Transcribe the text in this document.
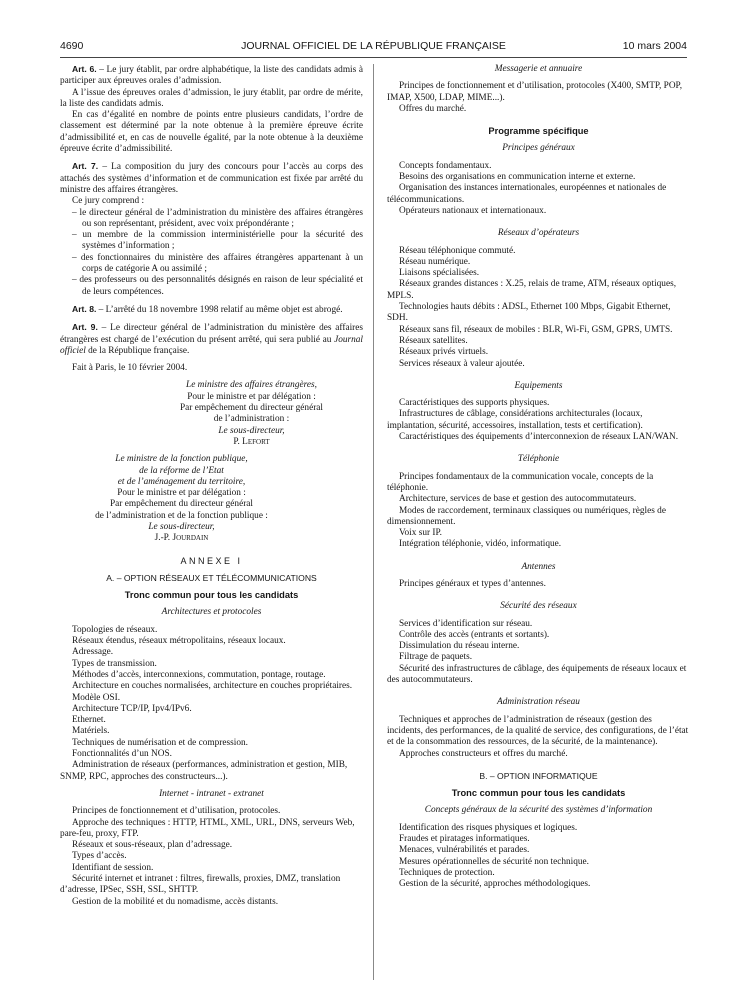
4690	JOURNAL OFFICIEL DE LA RÉPUBLIQUE FRANÇAISE	10 mars 2004

Art. 6. – Le jury établit, par ordre alphabétique, la liste des candidats admis à participer aux épreuves orales d’admission.

A l’issue des épreuves orales d’admission, le jury établit, par ordre de mérite, la liste des candidats admis.

En cas d’égalité en nombre de points entre plusieurs candidats, l’ordre de classement est déterminé par la note obtenue à la première épreuve écrite d’admissibilité et, en cas de nouvelle égalité, par la note obtenue à la deuxième épreuve écrite d’admissibilité.

Art. 7. – La composition du jury des concours pour l’accès au corps des attachés des systèmes d’information et de communication est fixée par arrêté du ministre des affaires étrangères.

Ce jury comprend :

– le directeur général de l’administration du ministère des affaires étrangères ou son représentant, président, avec voix prépondérante ;

– un membre de la commission interministérielle pour la sécurité des systèmes d’information ;

– des fonctionnaires du ministère des affaires étrangères appartenant à un corps de catégorie A ou assimilé ;

– des professeurs ou des personnalités désignés en raison de leur spécialité et de leurs compétences.

Art. 8. – L’arrêté du 18 novembre 1998 relatif au même objet est abrogé.

Art. 9. – Le directeur général de l’administration du ministère des affaires étrangères est chargé de l’exécution du présent arrêté, qui sera publié au Journal officiel de la République française.

Fait à Paris, le 10 février 2004.

Le ministre des affaires étrangères,

Pour le ministre et par délégation :

Par empêchement du directeur général

de l’administration :

Le sous-directeur,

P. Lefort

Le ministre de la fonction publique,

de la réforme de l’Etat

et de l’aménagement du territoire,

Pour le ministre et par délégation :

Par empêchement du directeur général

de l’administration et de la fonction publique :

Le sous-directeur,

J.-P. Jourdain

ANNEXE I

A. – OPTION RÉSEAUX ET TÉLÉCOMMUNICATIONS

Tronc commun pour tous les candidats

Architectures et protocoles

Topologies de réseaux.

Réseaux étendus, réseaux métropolitains, réseaux locaux.

Adressage.

Types de transmission.

Méthodes d’accès, interconnexions, commutation, pontage, routage.

Architecture en couches normalisées, architecture en couches propriétaires.

Modèle OSI.

Architecture TCP/IP, Ipv4/IPv6.

Ethernet.

Matériels.

Techniques de numérisation et de compression.

Fonctionnalités d’un NOS.

Administration de réseaux (performances, administration et gestion, MIB, SNMP, RPC, approches des constructeurs...).

Internet - intranet - extranet

Principes de fonctionnement et d’utilisation, protocoles.

Approche des techniques : HTTP, HTML, XML, URL, DNS, serveurs Web, pare-feu, proxy, FTP.

Réseaux et sous-réseaux, plan d’adressage.

Types d’accès.

Identifiant de session.

Sécurité internet et intranet : filtres, firewalls, proxies, DMZ, translation d’adresse, IPSec, SSH, SSL, SHTTP.

Gestion de la mobilité et du nomadisme, accès distants.

Messagerie et annuaire

Principes de fonctionnement et d’utilisation, protocoles (X400, SMTP, POP, IMAP, X500, LDAP, MIME...).

Offres du marché.

Programme spécifique

Principes généraux

Concepts fondamentaux.

Besoins des organisations en communication interne et externe.

Organisation des instances internationales, européennes et nationales de télécommunications.

Opérateurs nationaux et internationaux.

Réseaux d’opérateurs

Réseau téléphonique commuté.

Réseau numérique.

Liaisons spécialisées.

Réseaux grandes distances : X.25, relais de trame, ATM, réseaux optiques, MPLS.

Technologies hauts débits : ADSL, Ethernet 100 Mbps, Gigabit Ethernet, SDH.

Réseaux sans fil, réseaux de mobiles : BLR, Wi-Fi, GSM, GPRS, UMTS.

Réseaux satellites.

Réseaux privés virtuels.

Services réseaux à valeur ajoutée.

Equipements

Caractéristiques des supports physiques.

Infrastructures de câblage, considérations architecturales (locaux, implantation, sécurité, accessoires, installation, tests et certification).

Caractéristiques des équipements d’interconnexion de réseaux LAN/WAN.

Téléphonie

Principes fondamentaux de la communication vocale, concepts de la téléphonie.

Architecture, services de base et gestion des autocommutateurs.

Modes de raccordement, terminaux classiques ou numériques, règles de dimensionnement.

Voix sur IP.

Intégration téléphonie, vidéo, informatique.

Antennes

Principes généraux et types d’antennes.

Sécurité des réseaux

Services d’identification sur réseau.

Contrôle des accès (entrants et sortants).

Dissimulation du réseau interne.

Filtrage de paquets.

Sécurité des infrastructures de câblage, des équipements de réseaux locaux et des autocommutateurs.

Administration réseau

Techniques et approches de l’administration de réseaux (gestion des incidents, des performances, de la qualité de service, des configurations, de l’état et de la consommation des ressources, de la sécurité, de la maintenance).

Approches constructeurs et offres du marché.

B. – OPTION INFORMATIQUE

Tronc commun pour tous les candidats

Concepts généraux de la sécurité des systèmes d’information

Identification des risques physiques et logiques.

Fraudes et piratages informatiques.

Menaces, vulnérabilités et parades.

Mesures opérationnelles de sécurité non technique.

Techniques de protection.

Gestion de la sécurité, approches méthodologiques.
